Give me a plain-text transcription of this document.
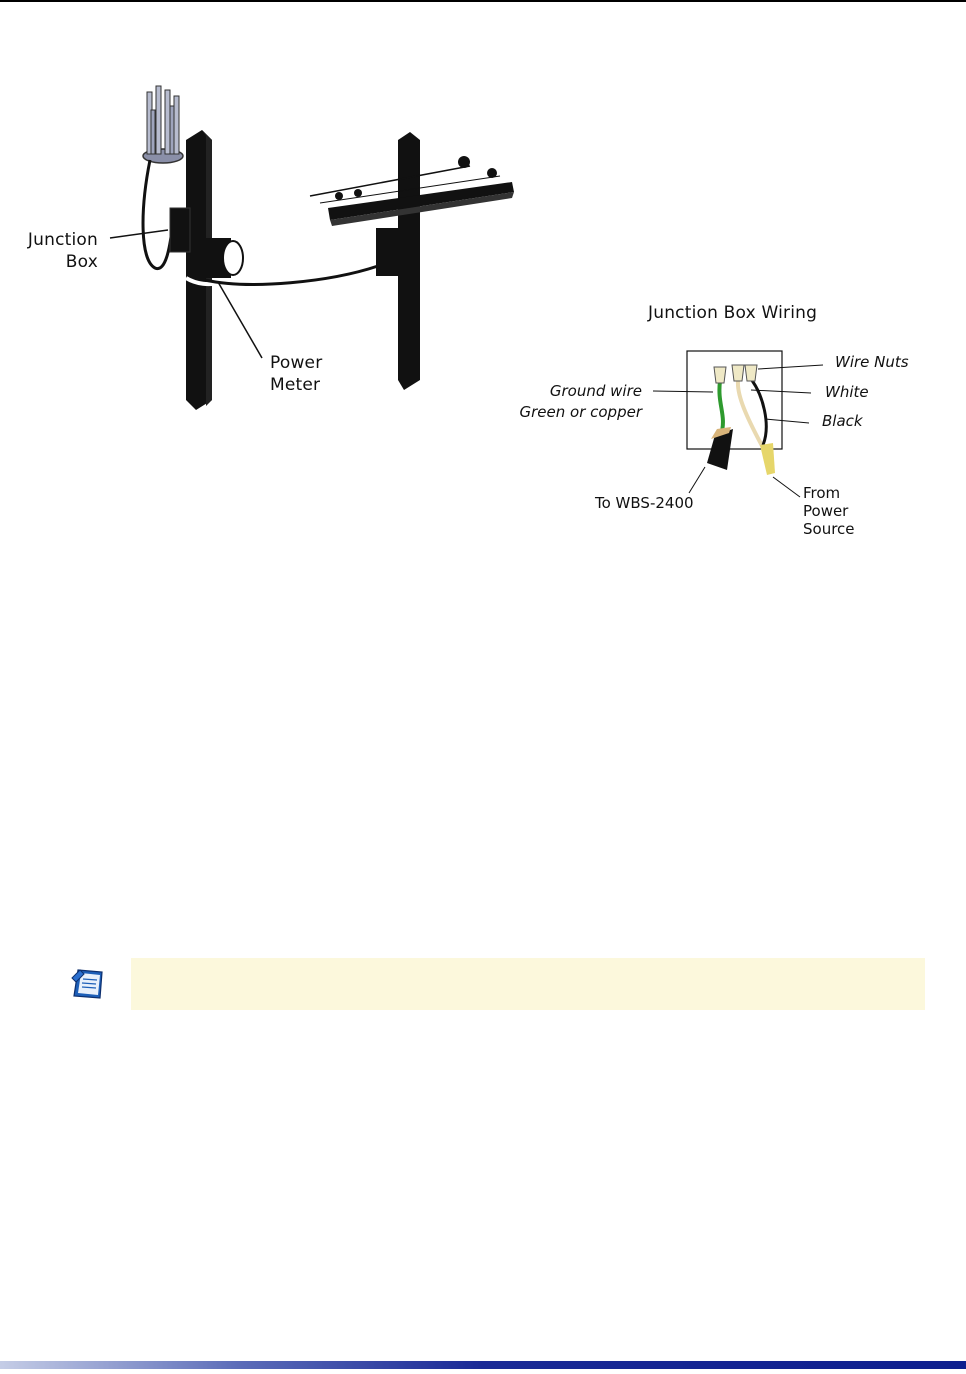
Junction
Box
Power
Meter
Junction Box Wiring
Wire Nuts
White
Black
Ground wire
Green or copper
To WBS-2400
From
Power
Source
